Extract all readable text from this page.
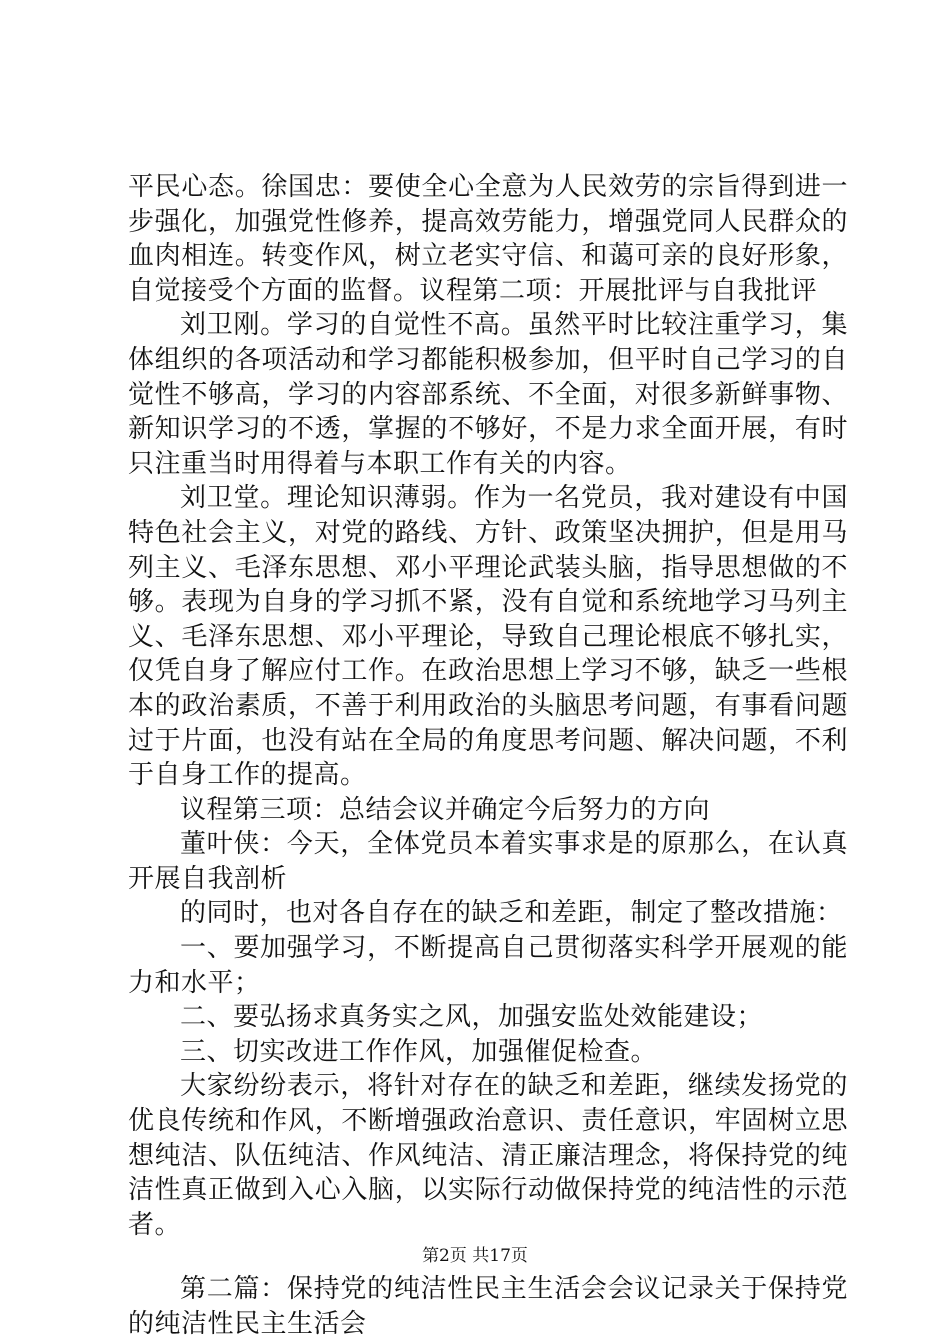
平民心态。徐国忠：要使全心全意为人民效劳的宗旨得到进一步强化，加强党性修养，提高效劳能力，增强党同人民群众的血肉相连。转变作风，树立老实守信、和蔼可亲的良好形象，自觉接受个方面的监督。议程第二项：开展批评与自我批评

刘卫刚。学习的自觉性不高。虽然平时比较注重学习，集体组织的各项活动和学习都能积极参加，但平时自己学习的自觉性不够高，学习的内容部系统、不全面，对很多新鲜事物、新知识学习的不透，掌握的不够好，不是力求全面开展，有时只注重当时用得着与本职工作有关的内容。

刘卫堂。理论知识薄弱。作为一名党员，我对建设有中国特色社会主义，对党的路线、方针、政策坚决拥护，但是用马列主义、毛泽东思想、邓小平理论武装头脑，指导思想做的不够。表现为自身的学习抓不紧，没有自觉和系统地学习马列主义、毛泽东思想、邓小平理论，导致自己理论根底不够扎实，仅凭自身了解应付工作。在政治思想上学习不够，缺乏一些根本的政治素质，不善于利用政治的头脑思考问题，有事看问题过于片面，也没有站在全局的角度思考问题、解决问题，不利于自身工作的提高。

议程第三项：总结会议并确定今后努力的方向

董叶侠：今天，全体党员本着实事求是的原那么，在认真开展自我剖析

的同时，也对各自存在的缺乏和差距，制定了整改措施：

一、要加强学习，不断提高自己贯彻落实科学开展观的能力和水平；

二、要弘扬求真务实之风，加强安监处效能建设；

三、切实改进工作作风，加强催促检查。

大家纷纷表示，将针对存在的缺乏和差距，继续发扬党的优良传统和作风，不断增强政治意识、责任意识，牢固树立思想纯洁、队伍纯洁、作风纯洁、清正廉洁理念，将保持党的纯洁性真正做到入心入脑，以实际行动做保持党的纯洁性的示范者。

第二篇：保持党的纯洁性民主生活会会议记录关于保持党的纯洁性民主生活会

第2页 共17页
